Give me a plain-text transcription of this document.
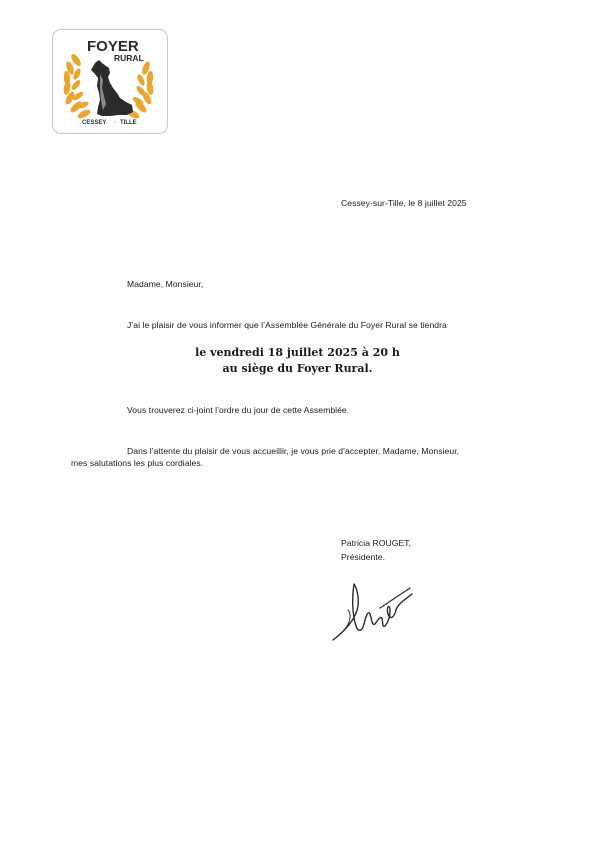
FOYER
RURAL
CESSEY - TILLE
Cessey-sur-Tille, le 8 juillet 2025
Madame, Monsieur,
J’ai le plaisir de vous informer que l’Assemblée Générale du Foyer Rural se tiendra
le vendredi 18 juillet 2025 à 20 h
au siège du Foyer Rural.
Vous trouverez ci-joint l’ordre du jour de cette Assemblée.
Dans l’attente du plaisir de vous accueillir, je vous prie d’accepter, Madame, Monsieur,
mes salutations les plus cordiales.
Patricia ROUGET,
Présidente.
